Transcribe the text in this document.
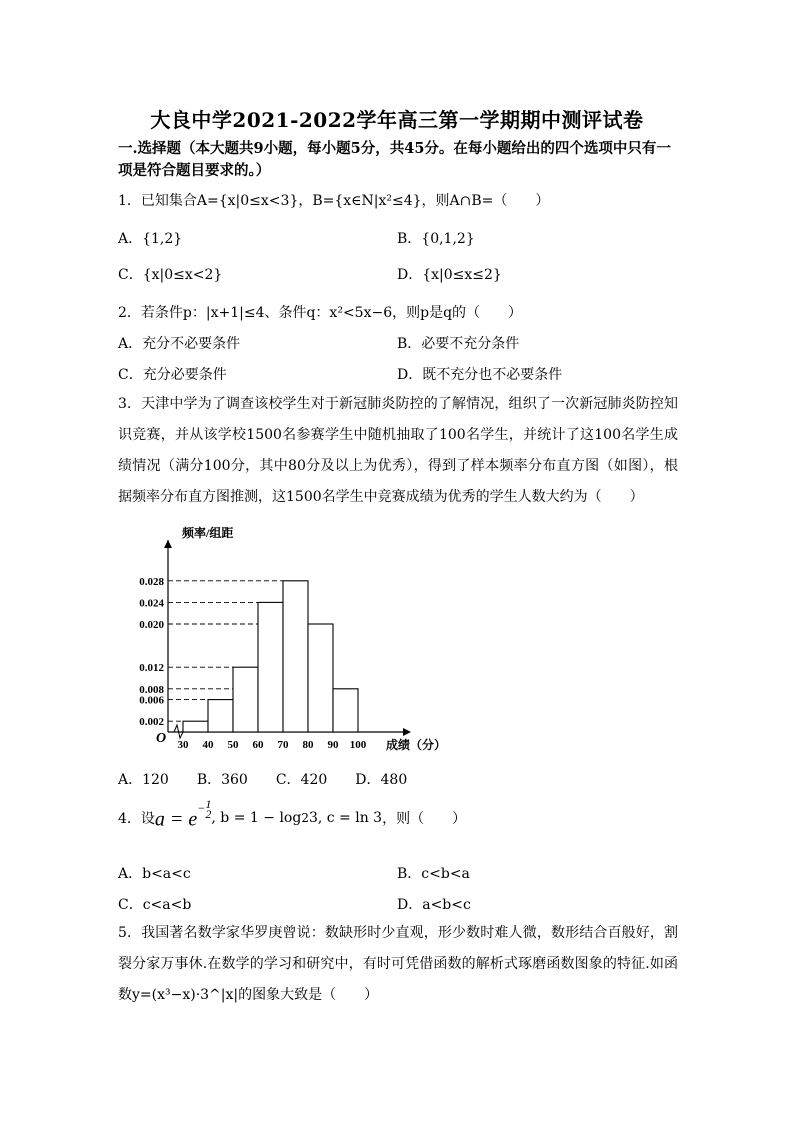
大良中学2021-2022学年高三第一学期期中测评试卷
一.选择题（本大题共9小题，每小题5分，共45分。在每小题给出的四个选项中只有一项是符合题目要求的。）
1．已知集合A={x|0≤x<3}，B={x∈N|x²≤4}，则A∩B=（　　）
A．{1,2}	B．{0,1,2}
C．{x|0≤x<2}	D．{x|0≤x≤2}
2．若条件p：|x+1|≤4、条件q：x²<5x−6，则p是q的（　　）
A．充分不必要条件	B．必要不充分条件
C．充分必要条件	D．既不充分也不必要条件
3．天津中学为了调查该校学生对于新冠肺炎防控的了解情况，组织了一次新冠肺炎防控知识竞赛，并从该学校1500名参赛学生中随机抽取了100名学生，并统计了这100名学生成绩情况（满分100分，其中80分及以上为优秀），得到了样本频率分布直方图（如图），根据频率分布直方图推测，这1500名学生中竞赛成绩为优秀的学生人数大约为（　　）
频率/组距
成绩（分）
O
0.002
0.006
0.008
0.012
0.020
0.024
0.028
30 40 50 60 70 80 90 100
A．120　　B．360　　C．420　　D．480
4．设 $a = e^{-1 2}$ , b = 1 − log 2 3, c = ln 3 ，则（　　）
A．b<a<c	B．c<b<a
C．c<a<b	D．a<b<c
5．我国著名数学家华罗庚曾说：数缺形时少直观，形少数时难人微，数形结合百般好，割裂分家万事休.在数学的学习和研究中，有时可凭借函数的解析式琢磨函数图象的特征.如函数y=(x³−x)·3^|x|的图象大致是（　　）
